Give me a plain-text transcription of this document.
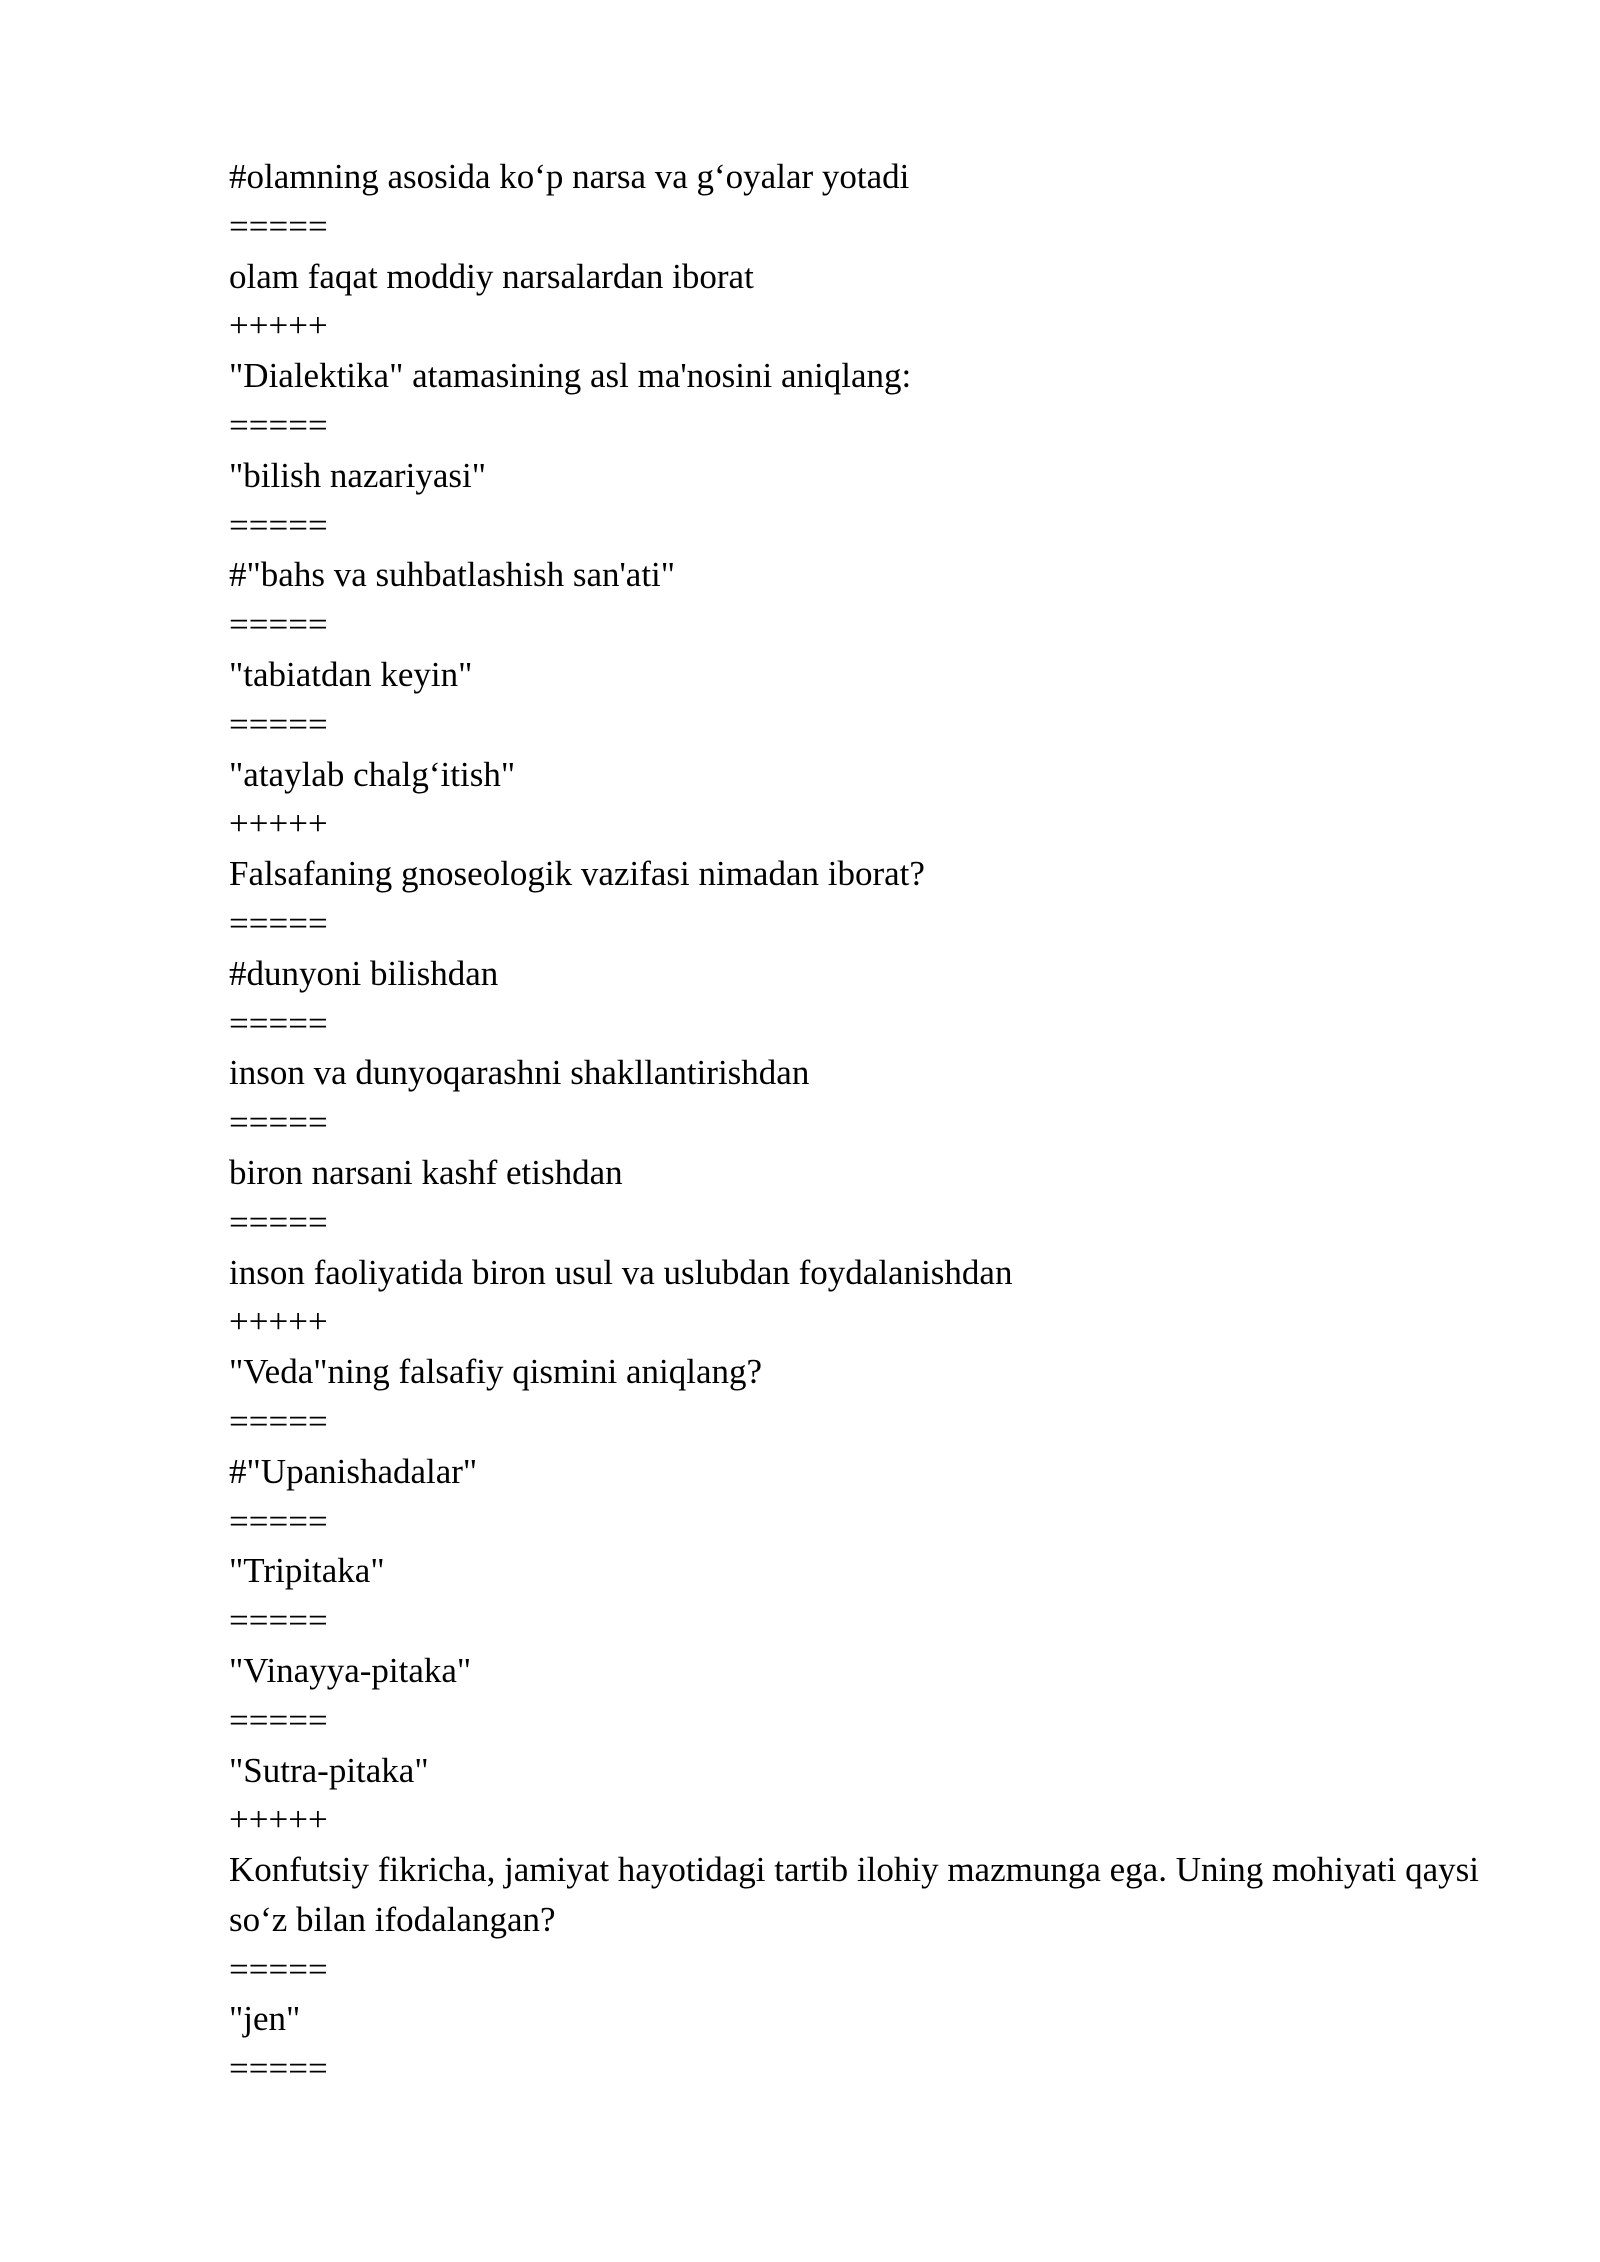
#olamning asosida ko‘p narsa va g‘oyalar yotadi

=====

olam faqat moddiy narsalardan iborat

+++++

"Dialektika" atamasining asl ma'nosini aniqlang:

=====

"bilish nazariyasi"

=====

#"bahs va suhbatlashish san'ati"

=====

"tabiatdan keyin"

=====

"ataylab chalg‘itish"

+++++

Falsafaning gnoseologik vazifasi nimadan iborat?

=====

#dunyoni bilishdan

=====

inson va dunyoqarashni shakllantirishdan

=====

biron narsani kashf etishdan

=====

inson faoliyatida biron usul va uslubdan foydalanishdan

+++++

"Veda"ning falsafiy qismini aniqlang?

=====

#"Upanishadalar"

=====

"Tripitaka"

=====

"Vinayya-pitaka"

=====

"Sutra-pitaka"

+++++

Konfutsiy fikricha, jamiyat hayotidagi tartib ilohiy mazmunga ega. Uning mohiyati qaysi so‘z bilan ifodalangan?

=====

"jen"

=====
